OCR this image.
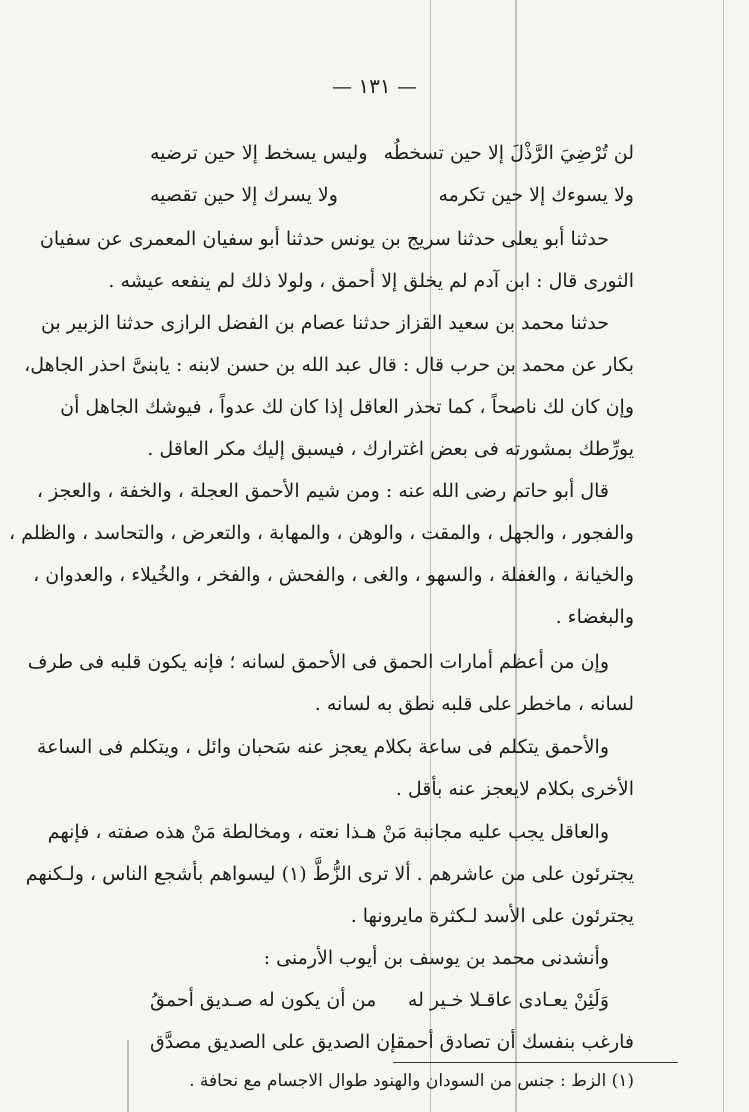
— ١٣١ —
لن تُرْضِيَ الرَّذْلَ إلا حين تسخطُه
وليس يسخط إلا حين ترضيه
ولا يسوءك إلا حين تكرمه
ولا يسرك إلا حين تقصيه
حدثنا أبو يعلى حدثنا سريج بن يونس حدثنا أبو سفيان المعمرى عن سفيان
الثورى قال : ابن آدم لم يخلق إلا أحمق ، ولولا ذلك لم ينفعه عيشه .
حدثنا محمد بن سعيد القزاز حدثنا عصام بن الفضل الرازى حدثنا الزبير بن
بكار عن محمد بن حرب قال : قال عبد الله بن حسن لابنه : يابنىَّ احذر الجاهل،
وإن كان لك ناصحاً ، كما تحذر العاقل إذا كان لك عدواً ، فيوشك الجاهل أن
يورِّطك بمشورته فى بعض اغترارك ، فيسبق إليك مكر العاقل .
قال أبو حاتم رضى الله عنه : ومن شيم الأحمق العجلة ، والخفة ، والعجز ،
والفجور ، والجهل ، والمقت ، والوهن ، والمهابة ، والتعرض ، والتحاسد ، والظلم ،
والخيانة ، والغفلة ، والسهو ، والغى ، والفحش ، والفخر ، والخُيلاء ، والعدوان ،
والبغضاء .
وإن من أعظم أمارات الحمق فى الأحمق لسانه ؛ فإنه يكون قلبه فى طرف
لسانه ، ماخطر على قلبه نطق به لسانه .
والأحمق يتكلم فى ساعة بكلام يعجز عنه سَحبان وائل ، ويتكلم فى الساعة
الأخرى بكلام لايعجز عنه بأقل .
والعاقل يجب عليه مجانبة مَنْ هـذا نعته ، ومخالطة مَنْ هذه صفته ، فإنهم
يجترئون على من عاشرهم . ألا ترى الزُّطَّ (١) ليسواهم بأشجع الناس ، ولـكنهم
يجترئون على الأسد لـكثرة مايرونها .
وأنشدنى محمد بن يوسف بن أيوب الأرمنى :
وَلَئِنْ يعـادى عاقـلا خـير له
من أن يكون له صـديق أحمقُ
فارغب بنفسك أن تصادق أحمقا
إن الصديق على الصديق مصدَّق
(١) الزط : جنس من السودان والهنود طوال الاجسام مع نحافة .
